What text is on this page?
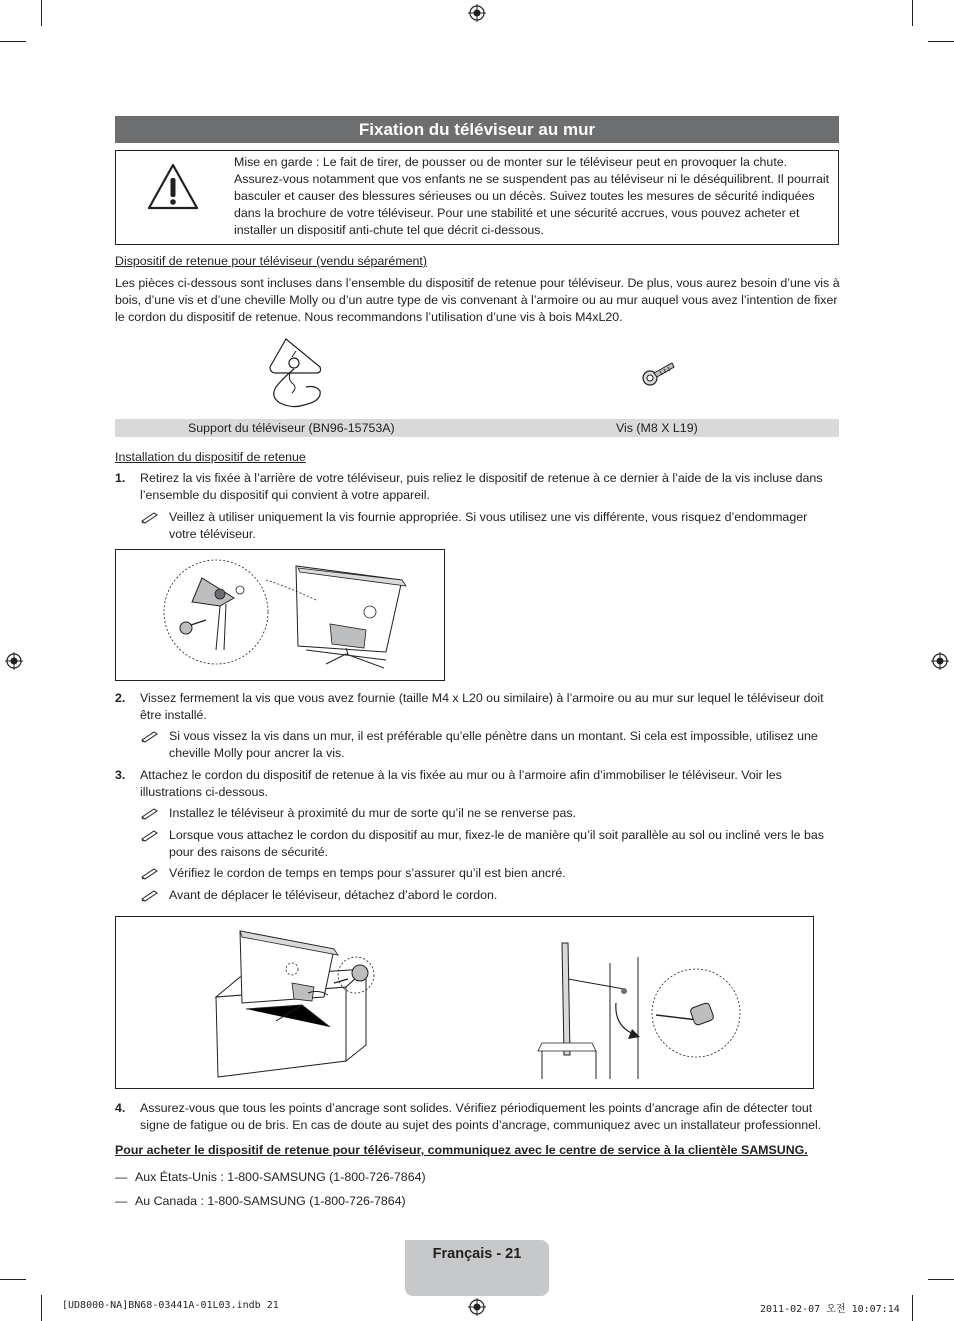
Fixation du téléviseur au mur
Mise en garde : Le fait de tirer, de pousser ou de monter sur le téléviseur peut en provoquer la chute. Assurez-vous notamment que vos enfants ne se suspendent pas au téléviseur ni le déséquilibrent. Il pourrait basculer et causer des blessures sérieuses ou un décès. Suivez toutes les mesures de sécurité indiquées dans la brochure de votre téléviseur. Pour une stabilité et une sécurité accrues, vous pouvez acheter et installer un dispositif anti-chute tel que décrit ci-dessous.
Dispositif de retenue pour téléviseur (vendu séparément)
Les pièces ci-dessous sont incluses dans l’ensemble du dispositif de retenue pour téléviseur. De plus, vous aurez besoin d’une vis à bois, d’une vis et d’une cheville Molly ou d’un autre type de vis convenant à l’armoire ou au mur auquel vous avez l’intention de fixer le cordon du dispositif de retenue. Nous recommandons l’utilisation d’une vis à bois M4xL20.
Support du téléviseur (BN96-15753A)	Vis (M8 X L19)
Installation du dispositif de retenue
1. Retirez la vis fixée à l’arrière de votre téléviseur, puis reliez le dispositif de retenue à ce dernier à l’aide de la vis incluse dans l’ensemble du dispositif qui convient à votre appareil.
Veillez à utiliser uniquement la vis fournie appropriée. Si vous utilisez une vis différente, vous risquez d’endommager votre téléviseur.
2. Vissez fermement la vis que vous avez fournie (taille M4 x L20 ou similaire) à l’armoire ou au mur sur lequel le téléviseur doit être installé.
Si vous vissez la vis dans un mur, il est préférable qu’elle pénètre dans un montant. Si cela est impossible, utilisez une cheville Molly pour ancrer la vis.
3. Attachez le cordon du dispositif de retenue à la vis fixée au mur ou à l’armoire afin d’immobiliser le téléviseur. Voir les illustrations ci-dessous.
Installez le téléviseur à proximité du mur de sorte qu’il ne se renverse pas.
Lorsque vous attachez le cordon du dispositif au mur, fixez-le de manière qu’il soit parallèle au sol ou incliné vers le bas pour des raisons de sécurité.
Vérifiez le cordon de temps en temps pour s’assurer qu’il est bien ancré.
Avant de déplacer le téléviseur, détachez d’abord le cordon.
4. Assurez-vous que tous les points d’ancrage sont solides. Vérifiez périodiquement les points d’ancrage afin de détecter tout signe de fatigue ou de bris. En cas de doute au sujet des points d’ancrage, communiquez avec un installateur professionnel.
Pour acheter le dispositif de retenue pour téléviseur, communiquez avec le centre de service à la clientèle SAMSUNG.
— Aux États-Unis : 1-800-SAMSUNG (1-800-726-7864)
— Au Canada : 1-800-SAMSUNG (1-800-726-7864)
Français - 21
[UD8000-NA]BN68-03441A-01L03.indb 21	2011-02-07 오전 10:07:14
